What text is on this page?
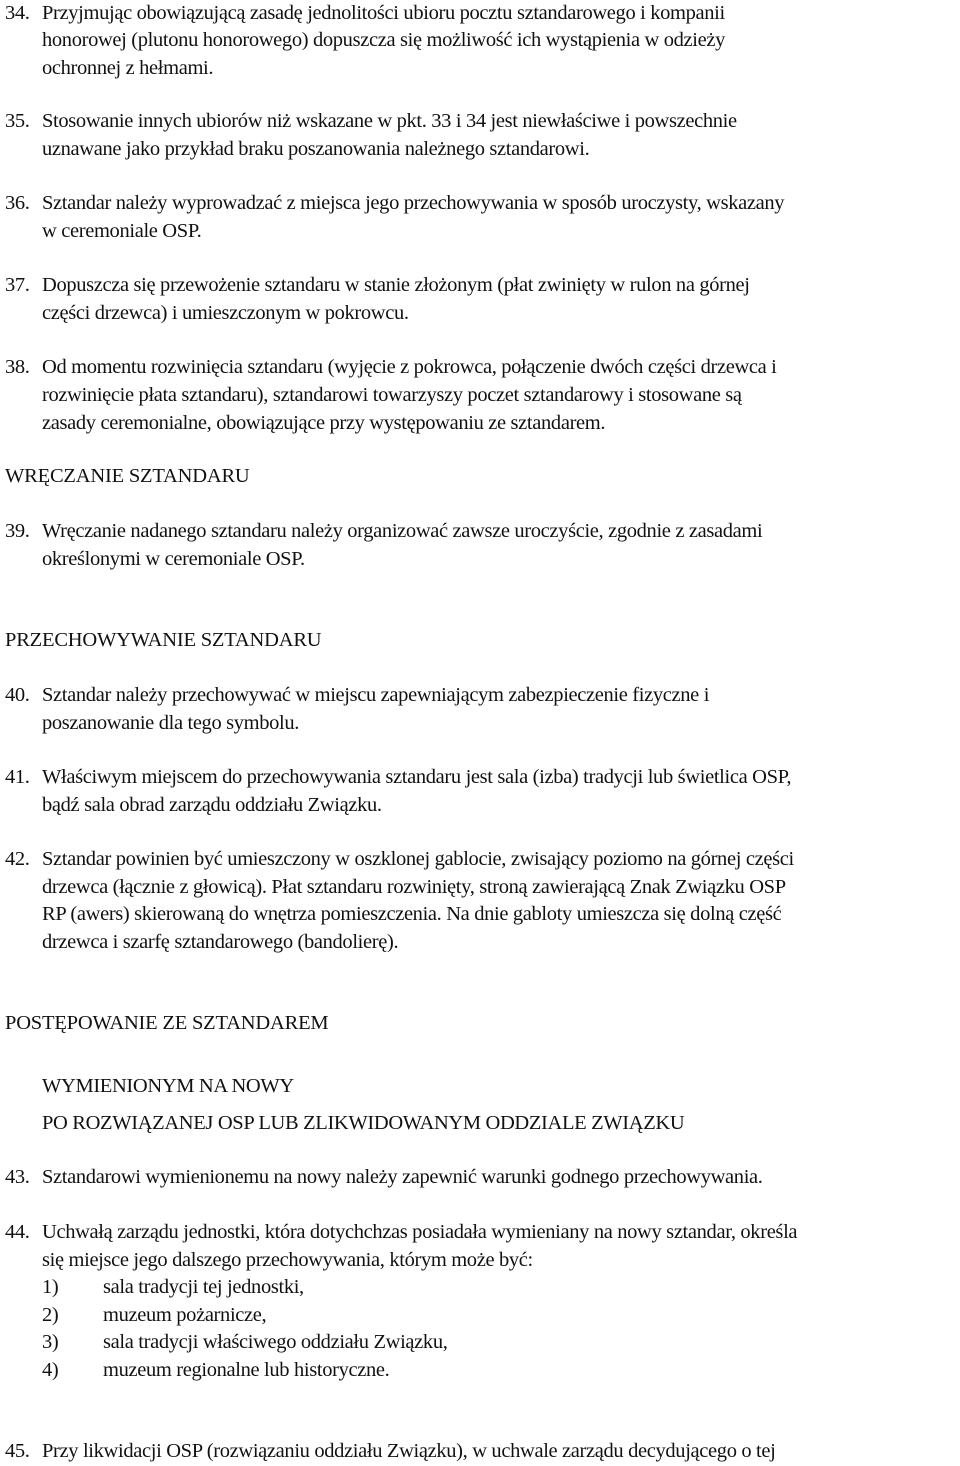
34. Przyjmując obowiązującą zasadę jednolitości ubioru pocztu sztandarowego i kompanii
honorowej (plutonu honorowego) dopuszcza się możliwość ich wystąpienia w odzieży
ochronnej z hełmami.
35. Stosowanie innych ubiorów niż wskazane w pkt. 33 i 34 jest niewłaściwe i powszechnie
uznawane jako przykład braku poszanowania należnego sztandarowi.
36. Sztandar należy wyprowadzać z miejsca jego przechowywania w sposób uroczysty, wskazany
w ceremoniale OSP.
37. Dopuszcza się przewożenie sztandaru w stanie złożonym (płat zwinięty w rulon na górnej
części drzewca) i umieszczonym w pokrowcu.
38. Od momentu rozwinięcia sztandaru (wyjęcie z pokrowca, połączenie dwóch części drzewca i
rozwinięcie płata sztandaru), sztandarowi towarzyszy poczet sztandarowy i stosowane są
zasady ceremonialne, obowiązujące przy występowaniu ze sztandarem.
WRĘCZANIE SZTANDARU
39. Wręczanie nadanego sztandaru należy organizować zawsze uroczyście, zgodnie z zasadami
określonymi w ceremoniale OSP.
PRZECHOWYWANIE SZTANDARU
40. Sztandar należy przechowywać w miejscu zapewniającym zabezpieczenie fizyczne i
poszanowanie dla tego symbolu.
41. Właściwym miejscem do przechowywania sztandaru jest sala (izba) tradycji lub świetlica OSP,
bądź sala obrad zarządu oddziału Związku.
42. Sztandar powinien być umieszczony w oszklonej gablocie, zwisający poziomo na górnej części
drzewca (łącznie z głowicą). Płat sztandaru rozwinięty, stroną zawierającą Znak Związku OSP
RP (awers) skierowaną do wnętrza pomieszczenia. Na dnie gabloty umieszcza się dolną część
drzewca i szarfę sztandarowego (bandolierę).
POSTĘPOWANIE ZE SZTANDAREM
WYMIENIONYM NA NOWY
PO ROZWIĄZANEJ OSP LUB ZLIKWIDOWANYM ODDZIALE ZWIĄZKU
43. Sztandarowi wymienionemu na nowy należy zapewnić warunki godnego przechowywania.
44. Uchwałą zarządu jednostki, która dotychchzas posiadała wymieniany na nowy sztandar, określa
się miejsce jego dalszego przechowywania, którym może być:
1) sala tradycji tej jednostki,
2) muzeum pożarnicze,
3) sala tradycji właściwego oddziału Związku,
4) muzeum regionalne lub historyczne.
45. Przy likwidacji OSP (rozwiązaniu oddziału Związku), w uchwale zarządu decydującego o tej
